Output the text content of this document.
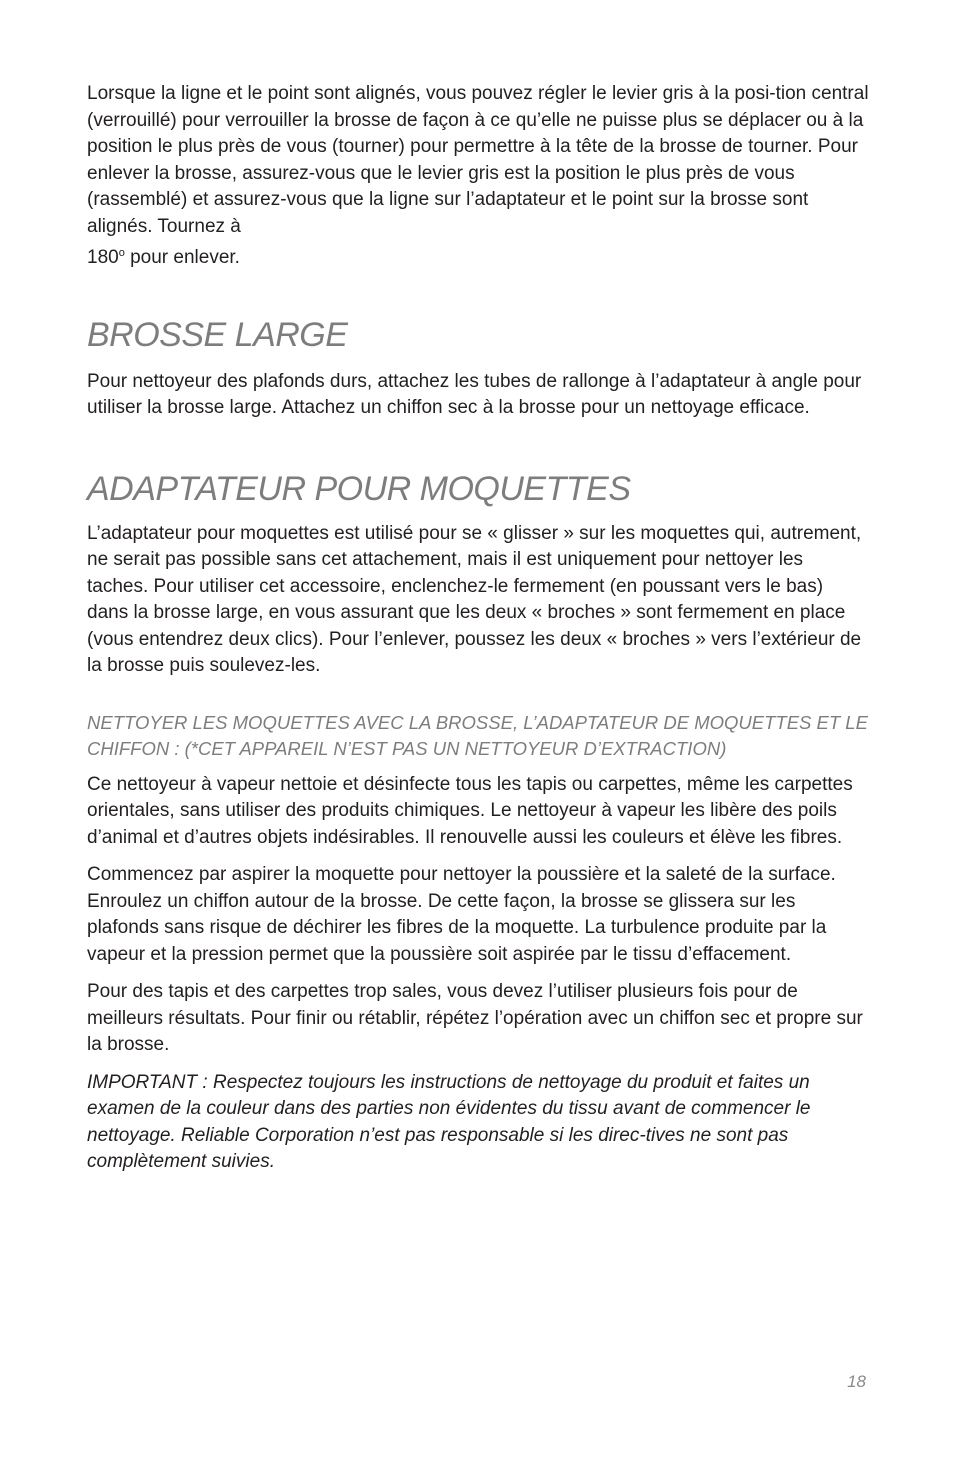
Lorsque la ligne et le point sont alignés, vous pouvez régler le levier gris à la posi-tion central (verrouillé) pour verrouiller la brosse de façon à ce qu’elle ne puisse plus se déplacer ou à la position le plus près de vous (tourner) pour permettre à la tête de la brosse de tourner. Pour enlever la brosse, assurez-vous que le levier gris est la position le plus près de vous (rassemblé) et assurez-vous que la ligne sur l’adaptateur et le point sur la brosse sont alignés. Tournez à
180$^o$ pour enlever.

BROSSE LARGE

Pour nettoyeur des plafonds durs, attachez les tubes de rallonge à l’adaptateur à angle pour utiliser la brosse large. Attachez un chiffon sec à la brosse pour un nettoyage efficace.

ADAPTATEUR POUR MOQUETTES

L’adaptateur pour moquettes est utilisé pour se « glisser » sur les moquettes qui, autrement, ne serait pas possible sans cet attachement, mais il est uniquement pour nettoyer les taches. Pour utiliser cet accessoire, enclenchez-le fermement (en poussant vers le bas) dans la brosse large, en vous assurant que les deux « broches » sont fermement en place (vous entendrez deux clics). Pour l’enlever, poussez les deux « broches » vers l’extérieur de la brosse puis soulevez-les.

NETTOYER LES MOQUETTES AVEC LA BROSSE, L’ADAPTATEUR DE MOQUETTES ET LE CHIFFON : (*CET APPAREIL N’EST PAS UN NETTOYEUR D’EXTRACTION)

Ce nettoyeur à vapeur nettoie et désinfecte tous les tapis ou carpettes, même les carpettes orientales, sans utiliser des produits chimiques. Le nettoyeur à vapeur les libère des poils d’animal et d’autres objets indésirables. Il renouvelle aussi les couleurs et élève les fibres.

Commencez par aspirer la moquette pour nettoyer la poussière et la saleté de la surface. Enroulez un chiffon autour de la brosse. De cette façon, la brosse se glissera sur les plafonds sans risque de déchirer les fibres de la moquette. La turbulence produite par la vapeur et la pression permet que la poussière soit aspirée par le tissu d’effacement.

Pour des tapis et des carpettes trop sales, vous devez l’utiliser plusieurs fois pour de meilleurs résultats. Pour finir ou rétablir, répétez l’opération avec un chiffon sec et propre sur la brosse.

IMPORTANT : Respectez toujours les instructions de nettoyage du produit et faites un examen de la couleur dans des parties non évidentes du tissu avant de commencer le nettoyage. Reliable Corporation n’est pas responsable si les direc-tives ne sont pas complètement suivies.

18
